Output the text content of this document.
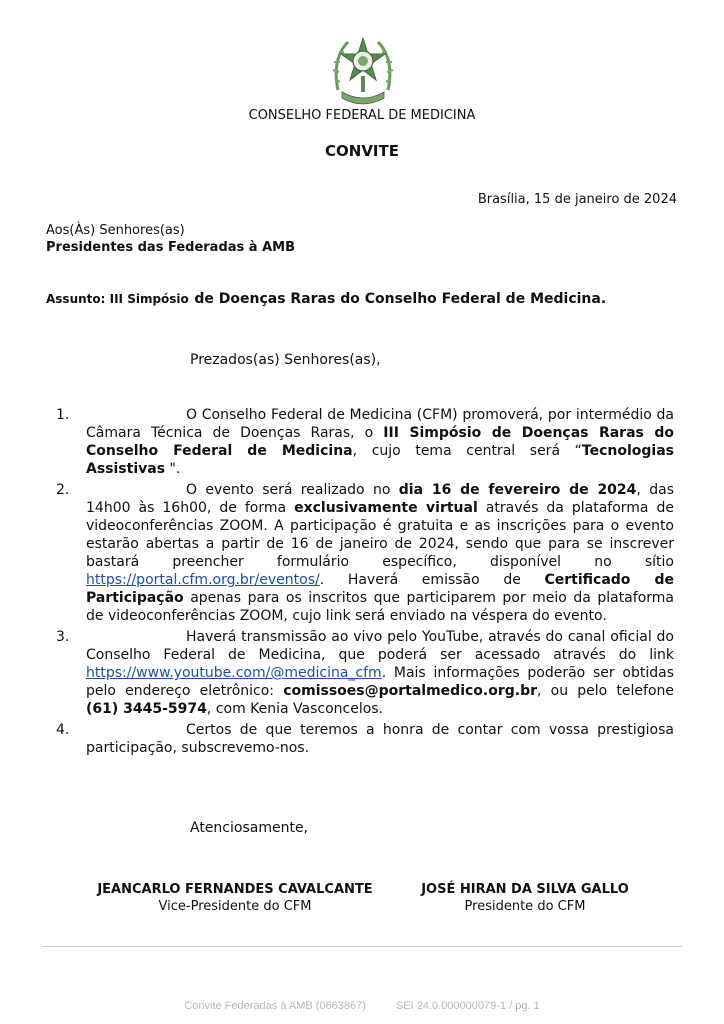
CONSELHO FEDERAL DE MEDICINA
CONVITE
Brasília, 15 de janeiro de 2024
Aos(Às) Senhores(as)
Presidentes das Federadas à AMB
Assunto: III Simpósio de Doenças Raras do Conselho Federal de Medicina.
Prezados(as) Senhores(as),
1.	O Conselho Federal de Medicina (CFM) promoverá, por intermédio da Câmara Técnica de Doenças Raras, o III Simpósio de Doenças Raras do Conselho Federal de Medicina, cujo tema central será “Tecnologias Assistivas ".
2.	O evento será realizado no dia 16 de fevereiro de 2024, das 14h00 às 16h00, de forma exclusivamente virtual através da plataforma de videoconferências ZOOM. A participação é gratuita e as inscrições para o evento estarão abertas a partir de 16 de janeiro de 2024, sendo que para se inscrever bastará preencher formulário específico, disponível no sítio https://portal.cfm.org.br/eventos/. Haverá emissão de Certificado de Participação apenas para os inscritos que participarem por meio da plataforma de videoconferências ZOOM, cujo link será enviado na véspera do evento.
3.	Haverá transmissão ao vivo pelo YouTube, através do canal oficial do Conselho Federal de Medicina, que poderá ser acessado através do link https://www.youtube.com/@medicina_cfm. Mais informações poderão ser obtidas pelo endereço eletrônico: comissoes@portalmedico.org.br, ou pelo telefone (61) 3445-5974, com Kenia Vasconcelos.
4.	Certos de que teremos a honra de contar com vossa prestigiosa participação, subscrevemo-nos.
Atenciosamente,
JEANCARLO FERNANDES CAVALCANTE
Vice-Presidente do CFM
JOSÉ HIRAN DA SILVA GALLO
Presidente do CFM
Convite Federadas à AMB (0663867)	SEI 24.0.000000079-1 / pg. 1
